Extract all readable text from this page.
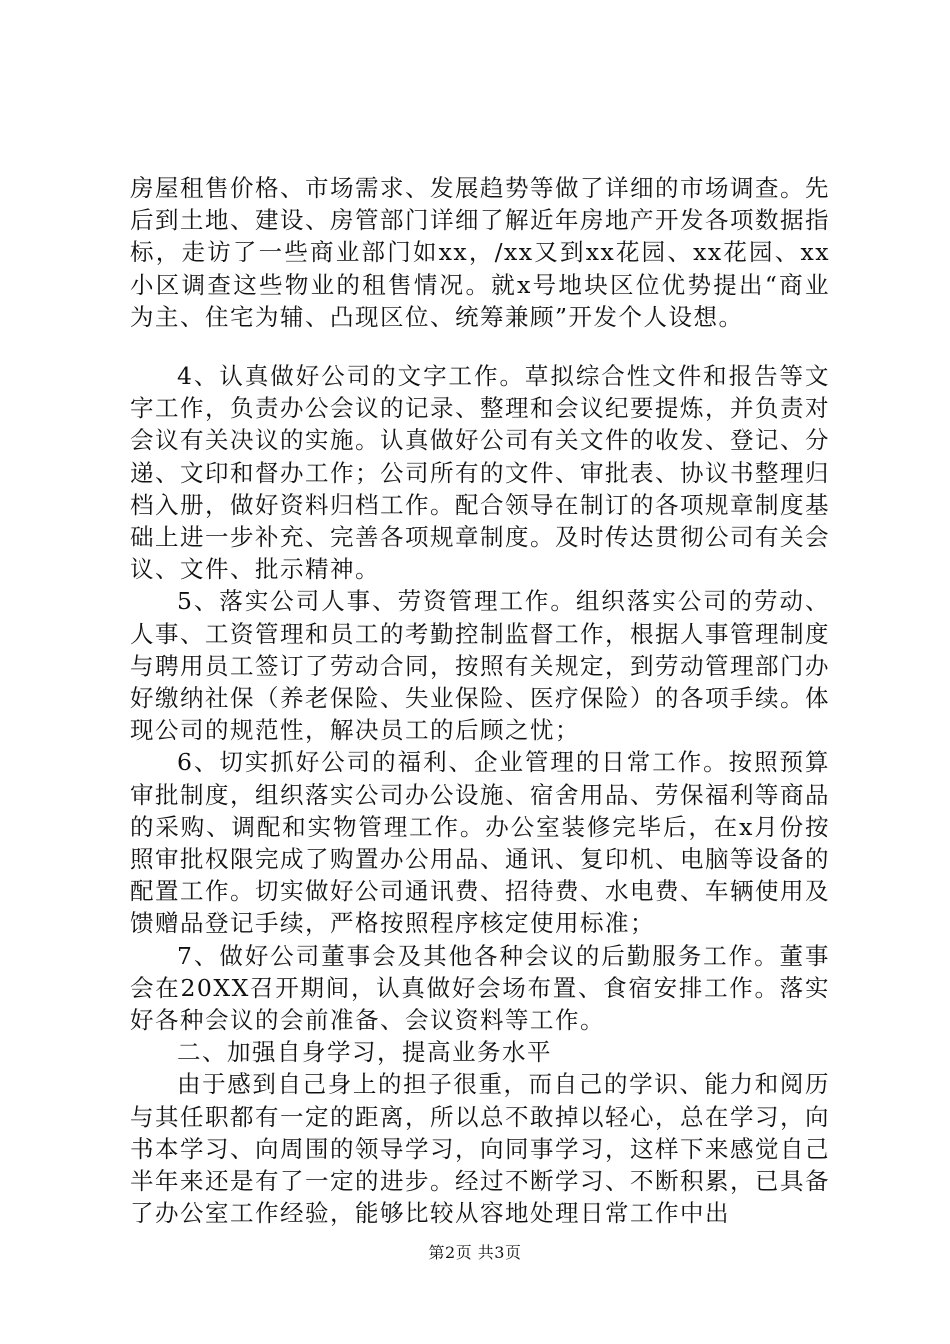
房屋租售价格、市场需求、发展趋势等做了详细的市场调查。先后到土地、建设、房管部门详细了解近年房地产开发各项数据指标，走访了一些商业部门如xx，/xx又到xx花园、xx花园、xx小区调查这些物业的租售情况。就x号地块区位优势提出“商业为主、住宅为辅、凸现区位、统筹兼顾”开发个人设想。

4、认真做好公司的文字工作。草拟综合性文件和报告等文字工作，负责办公会议的记录、整理和会议纪要提炼，并负责对会议有关决议的实施。认真做好公司有关文件的收发、登记、分递、文印和督办工作；公司所有的文件、审批表、协议书整理归档入册，做好资料归档工作。配合领导在制订的各项规章制度基础上进一步补充、完善各项规章制度。及时传达贯彻公司有关会议、文件、批示精神。

5、落实公司人事、劳资管理工作。组织落实公司的劳动、人事、工资管理和员工的考勤控制监督工作，根据人事管理制度与聘用员工签订了劳动合同，按照有关规定，到劳动管理部门办好缴纳社保（养老保险、失业保险、医疗保险）的各项手续。体现公司的规范性，解决员工的后顾之忧；

6、切实抓好公司的福利、企业管理的日常工作。按照预算审批制度，组织落实公司办公设施、宿舍用品、劳保福利等商品的采购、调配和实物管理工作。办公室装修完毕后，在x月份按照审批权限完成了购置办公用品、通讯、复印机、电脑等设备的配置工作。切实做好公司通讯费、招待费、水电费、车辆使用及馈赠品登记手续，严格按照程序核定使用标准；

7、做好公司董事会及其他各种会议的后勤服务工作。董事会在20XX召开期间，认真做好会场布置、食宿安排工作。落实好各种会议的会前准备、会议资料等工作。

二、加强自身学习，提高业务水平

由于感到自己身上的担子很重，而自己的学识、能力和阅历与其任职都有一定的距离，所以总不敢掉以轻心，总在学习，向书本学习、向周围的领导学习，向同事学习，这样下来感觉自己半年来还是有了一定的进步。经过不断学习、不断积累，已具备了办公室工作经验，能够比较从容地处理日常工作中出

第2页 共3页
